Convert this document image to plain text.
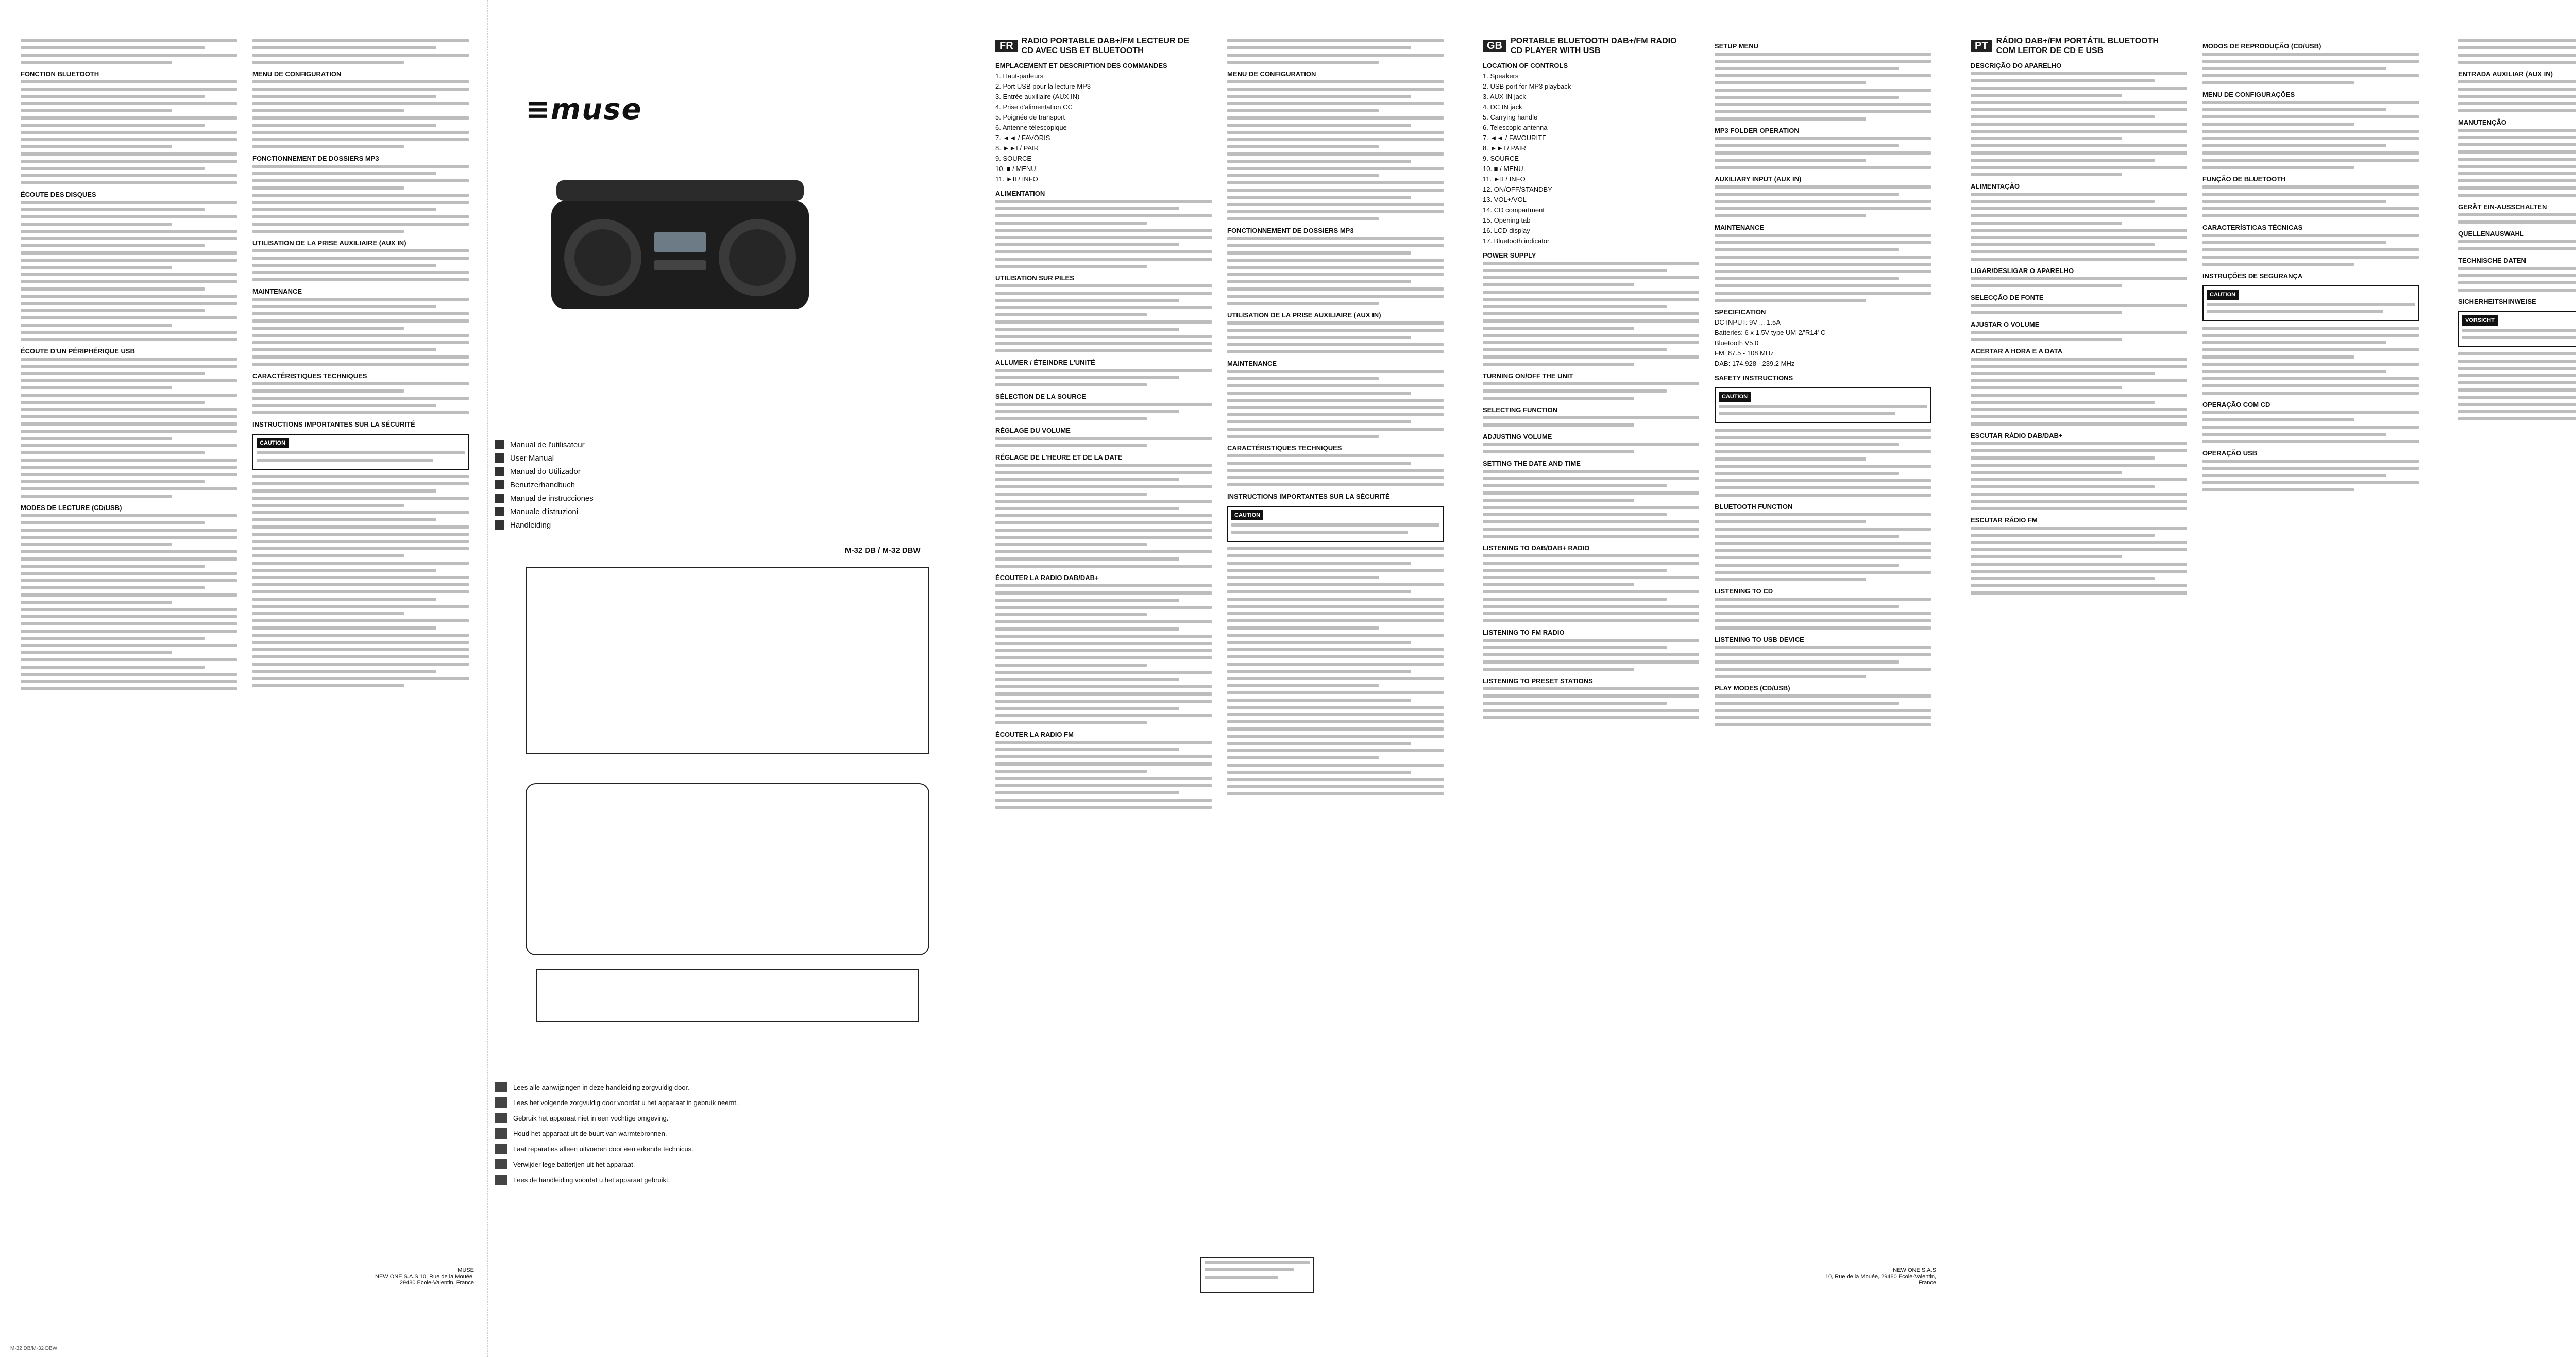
FONCTION BLUETOOTH
ÉCOUTE DES DISQUES
ÉCOUTE D'UN PÉRIPHÉRIQUE USB
MODES DE LECTURE (CD/USB)
MENU DE CONFIGURATION
FONCTIONNEMENT DE DOSSIERS MP3
UTILISATION DE LA PRISE AUXILIAIRE (AUX IN)
MAINTENANCE
CARACTÉRISTIQUES TECHNIQUES
INSTRUCTIONS IMPORTANTES SUR LA SÉCURITÉ
CAUTION
MUSE
NEW ONE S.A.S 10, Rue de la Mouée, 29480 Ecole-Valentin, France
≡muse
Manual de l'utilisateur
User Manual
Manual do Utilizador
Benutzerhandbuch
Manual de instrucciones
Manuale d'istruzioni
Handleiding
M-32 DB / M-32 DBW
Lees alle aanwijzingen in deze handleiding zorgvuldig door.
Lees het volgende zorgvuldig door voordat u het apparaat in gebruik neemt.
Gebruik het apparaat niet in een vochtige omgeving.
Houd het apparaat uit de buurt van warmtebronnen.
Laat reparaties alleen uitvoeren door een erkende technicus.
Verwijder lege batterijen uit het apparaat.
Lees de handleiding voordat u het apparaat gebruikt.
FR RADIO PORTABLE DAB+/FM LECTEUR DE CD AVEC USB ET BLUETOOTH
EMPLACEMENT ET DESCRIPTION DES COMMANDES

1. Haut-parleurs

2. Port USB pour la lecture MP3

3. Entrée auxiliaire (AUX IN)

4. Prise d'alimentation CC

5. Poignée de transport

6. Antenne télescopique

7. ◄◄ / FAVORIS

8. ►►I / PAIR

9. SOURCE

10. ■ / MENU

11. ►II / INFO

ALIMENTATION
UTILISATION SUR PILES
ALLUMER / ÉTEINDRE L'UNITÉ
SÉLECTION DE LA SOURCE
RÉGLAGE DU VOLUME
RÉGLAGE DE L'HEURE ET DE LA DATE
ÉCOUTER LA RADIO DAB/DAB+
ÉCOUTER LA RADIO FM
MENU DE CONFIGURATION
FONCTIONNEMENT DE DOSSIERS MP3
UTILISATION DE LA PRISE AUXILIAIRE (AUX IN)
MAINTENANCE
CARACTÉRISTIQUES TECHNIQUES
INSTRUCTIONS IMPORTANTES SUR LA SÉCURITÉ
CAUTION
GB PORTABLE BLUETOOTH DAB+/FM RADIO CD PLAYER WITH USB
LOCATION OF CONTROLS

1. Speakers

2. USB port for MP3 playback

3. AUX IN jack

4. DC IN jack

5. Carrying handle

6. Telescopic antenna

7. ◄◄ / FAVOURITE

8. ►►I / PAIR

9. SOURCE

10. ■ / MENU

11. ►II / INFO

12. ON/OFF/STANDBY

13. VOL+/VOL-

14. CD compartment

15. Opening tab

16. LCD display

17. Bluetooth indicator

POWER SUPPLY
TURNING ON/OFF THE UNIT
SELECTING FUNCTION
ADJUSTING VOLUME
SETTING THE DATE AND TIME
LISTENING TO DAB/DAB+ RADIO
LISTENING TO FM RADIO
LISTENING TO PRESET STATIONS
SETUP MENU
MP3 FOLDER OPERATION
AUXILIARY INPUT (AUX IN)
MAINTENANCE
SPECIFICATION

DC INPUT: 9V ... 1.5A

Batteries: 6 x 1.5V type UM-2/'R14' C

Bluetooth V5.0

FM: 87.5 - 108 MHz

DAB: 174.928 - 239.2 MHz

SAFETY INSTRUCTIONS
CAUTION
BLUETOOTH FUNCTION
LISTENING TO CD
LISTENING TO USB DEVICE
PLAY MODES (CD/USB)
NEW ONE S.A.S
10, Rue de la Mouée, 29480 Ecole-Valentin, France
PT RÁDIO DAB+/FM PORTÁTIL BLUETOOTH COM LEITOR DE CD E USB
DESCRIÇÃO DO APARELHO
ALIMENTAÇÃO
LIGAR/DESLIGAR O APARELHO
SELECÇÃO DE FONTE
AJUSTAR O VOLUME
ACERTAR A HORA E A DATA
ESCUTAR RÁDIO DAB/DAB+
ESCUTAR RÁDIO FM
MODOS DE REPRODUÇÃO (CD/USB)
MENU DE CONFIGURAÇÕES
FUNÇÃO DE BLUETOOTH
CARACTERÍSTICAS TÉCNICAS
INSTRUÇÕES DE SEGURANÇA
CAUTION
OPERAÇÃO COM CD
OPERAÇÃO USB
ENTRADA AUXILIAR (AUX IN)
MANUTENÇÃO
GERÄT EIN-AUSSCHALTEN
QUELLENAUSWAHL
TECHNISCHE DATEN
SICHERHEITSHINWEISE
VORSICHT
M-32 DB/M-32 DBW
